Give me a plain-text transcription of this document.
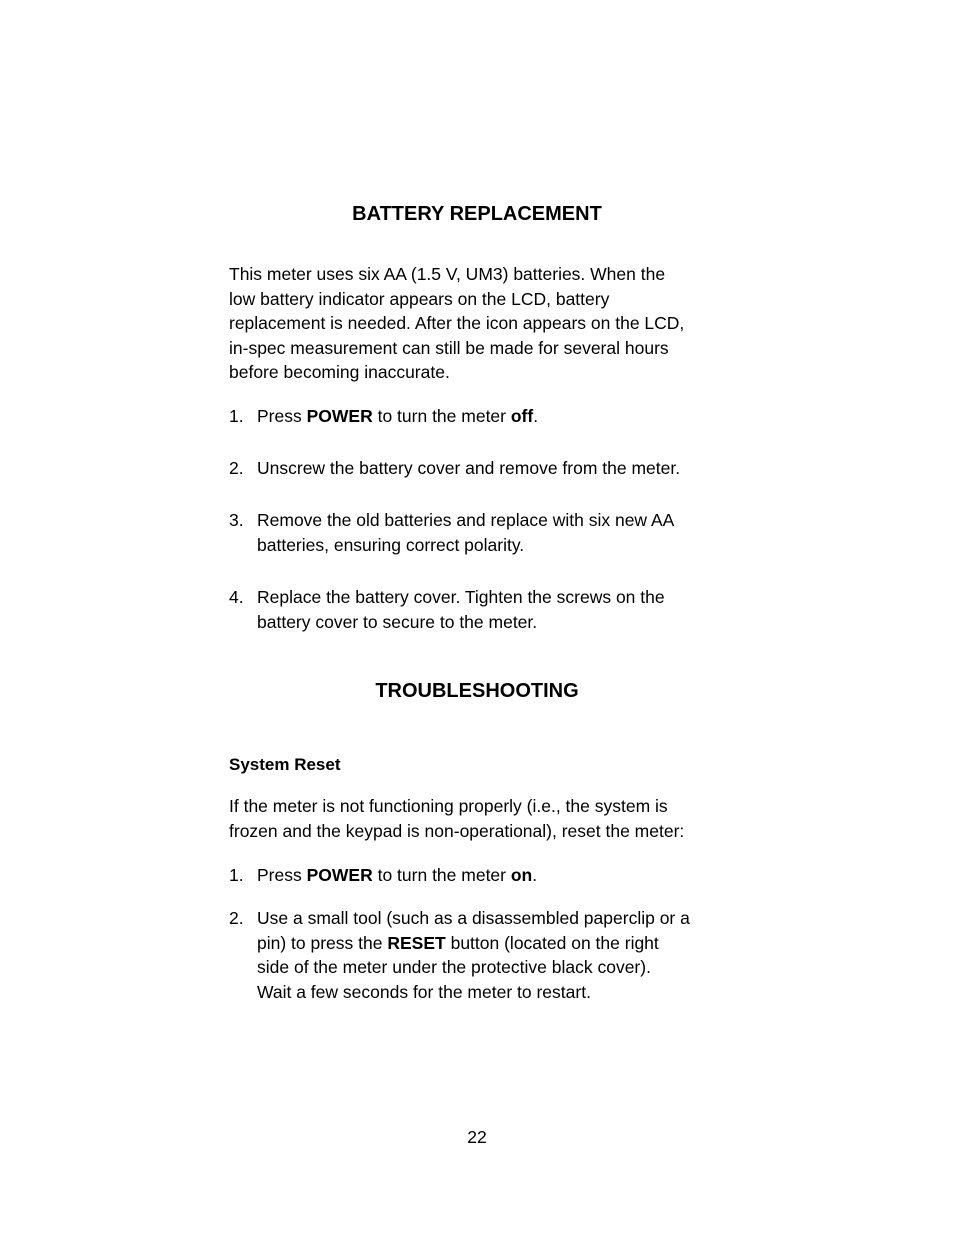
BATTERY REPLACEMENT
This meter uses six AA (1.5 V, UM3) batteries. When the
low battery indicator appears on the LCD, battery
replacement is needed. After the icon appears on the LCD,
in-spec measurement can still be made for several hours
before becoming inaccurate.
1. Press POWER to turn the meter off.
2. Unscrew the battery cover and remove from the meter.
3. Remove the old batteries and replace with six new AA
batteries, ensuring correct polarity.
4. Replace the battery cover. Tighten the screws on the
battery cover to secure to the meter.
TROUBLESHOOTING
System Reset
If the meter is not functioning properly (i.e., the system is
frozen and the keypad is non-operational), reset the meter:
1. Press POWER to turn the meter on.
2. Use a small tool (such as a disassembled paperclip or a
pin) to press the RESET button (located on the right
side of the meter under the protective black cover).
Wait a few seconds for the meter to restart.
22
